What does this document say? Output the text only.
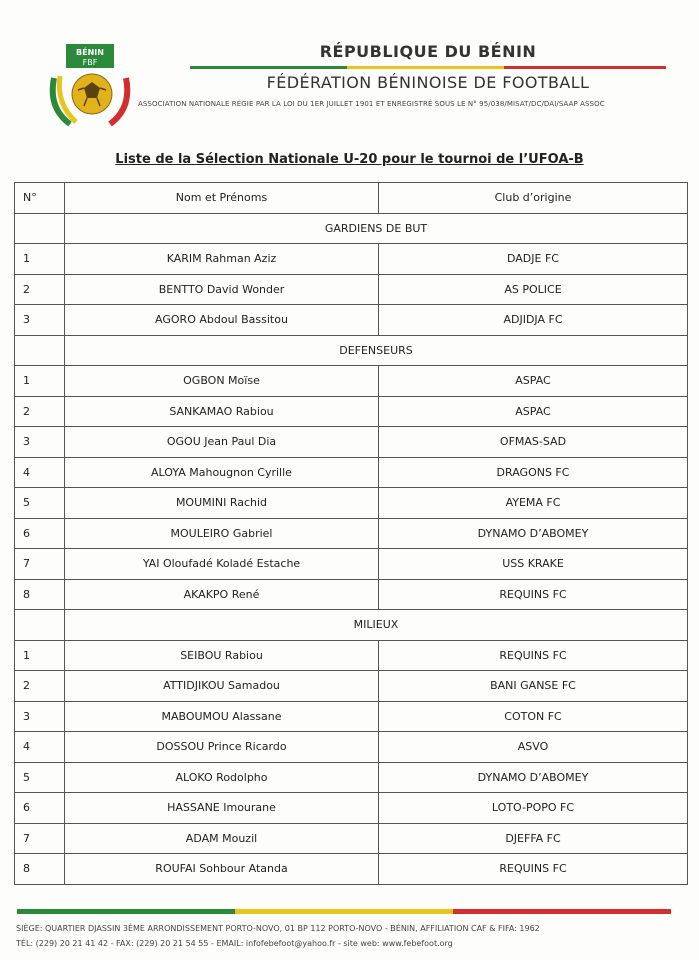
BÉNIN
FBF
RÉPUBLIQUE DU BÉNIN
FÉDÉRATION BÉNINOISE DE FOOTBALL
ASSOCIATION NATIONALE RÉGIE PAR LA LOI DU 1ER JUILLET 1901 ET ENREGISTRÉ SOUS LE N° 95/038/MISAT/DC/DAI/SAAP ASSOC
Liste de la Sélection Nationale U-20 pour le tournoi de l’UFOA-B
N°	Nom et Prénoms	Club d’origine
	GARDIENS DE BUT	
1	KARIM Rahman Aziz	DADJE FC
2	BENTTO David Wonder	AS POLICE
3	AGORO Abdoul Bassitou	ADJIDJA FC
	DEFENSEURS	
1	OGBON Moïse	ASPAC
2	SANKAMAO Rabiou	ASPAC
3	OGOU Jean Paul Dia	OFMAS-SAD
4	ALOYA Mahougnon Cyrille	DRAGONS FC
5	MOUMINI Rachid	AYEMA FC
6	MOULEIRO Gabriel	DYNAMO D’ABOMEY
7	YAI Oloufadé Koladé Estache	USS KRAKE
8	AKAKPO René	REQUINS FC
	MILIEUX	
1	SEIBOU Rabiou	REQUINS FC
2	ATTIDJIKOU Samadou	BANI GANSE FC
3	MABOUMOU Alassane	COTON FC
4	DOSSOU Prince Ricardo	ASVO
5	ALOKO Rodolpho	DYNAMO D’ABOMEY
6	HASSANE Imourane	LOTO-POPO FC
7	ADAM Mouzil	DJEFFA FC
8	ROUFAI Sohbour Atanda	REQUINS FC
SIÈGE: QUARTIER DJASSIN 3ÈME ARRONDISSEMENT PORTO-NOVO, 01 BP 112 PORTO-NOVO - BÉNIN, AFFILIATION CAF & FIFA: 1962
TÉL: (229) 20 21 41 42 - FAX: (229) 20 21 54 55 - EMAIL: infofebefoot@yahoo.fr - site web: www.febefoot.org
